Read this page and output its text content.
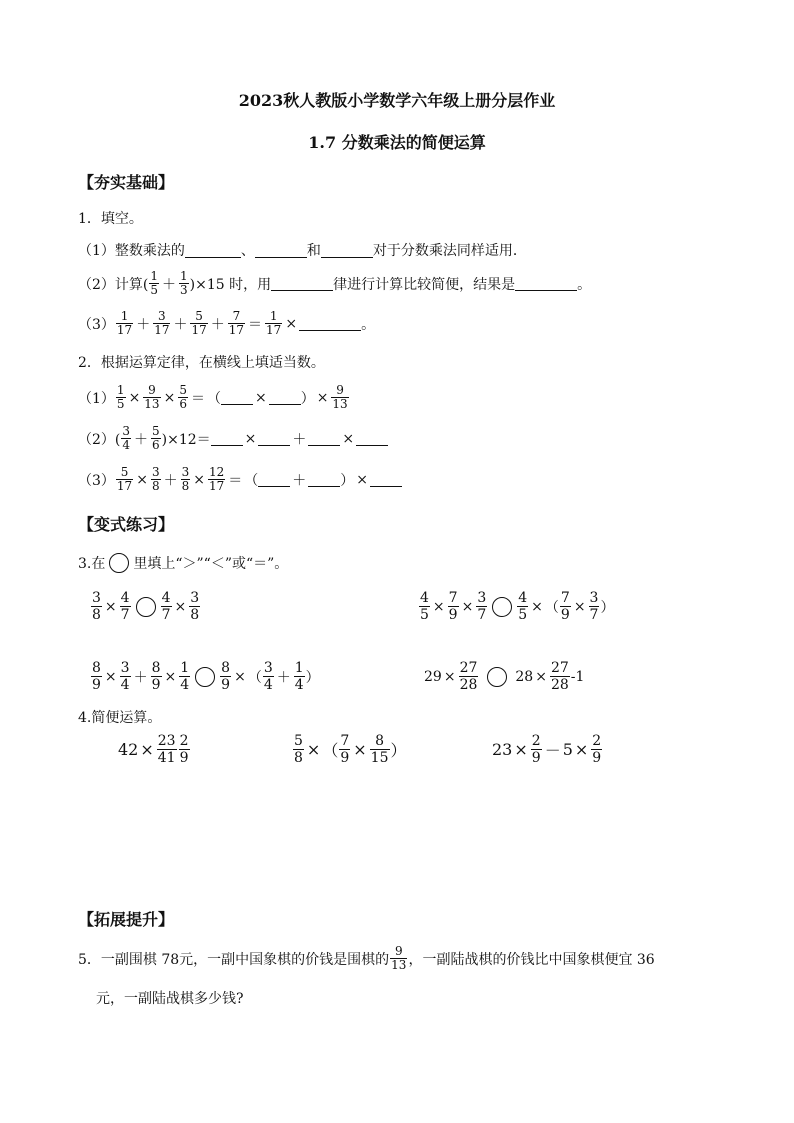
2023秋人教版小学数学六年级上册分层作业
1.7 分数乘法的简便运算
【夯实基础】
1．填空。
（1）整数乘法的	、	和	对于分数乘法同样适用．
（2）计算( $\frac{1}{5} + \frac{1}{3} )\times 15$ 时，用	律进行计算比较简便，结果是	。
$(3) \frac{1}{17} + \frac{3}{17} + \frac{5}{17} + \frac{7}{17} = \frac{1}{17}$ ×	。
2．根据运算定律，在横线上填适当数。
$(1) \frac{1}{5} \times \frac{9}{13} \times \frac{5}{6}$ ＝ （ × ） × $\frac{9}{13}$
$(2)( \frac{3}{4} + \frac{5}{6} )\times 12=$ ×	＋	×
$(3) \frac{5}{17} \times \frac{3}{8} + \frac{3}{8} \times \frac{12}{17}$ ＝ （ ＋ ） ×
【变式练习】
3.在 里填上“＞”“＜”或“＝”。
$\frac{3}{8} \times \frac{4}{7} \frac{4}{7} \times \frac{3}{8}$	$\frac{4}{5} \times \frac{7}{9} \times \frac{3}{7} \frac{4}{5}$ × （ $\frac{7}{9} \times \frac{3}{7}$ ）
$\frac{8}{9} \times \frac{3}{4} + \frac{8}{9} \times \frac{1}{4} \frac{8}{9}$ × （ $\frac{3}{4} + \frac{1}{4}$ ）	$29 \times \frac{27}{28}$	$28 \times \frac{27}{28} -1$
4.简便运算。
$42 \times \frac{23}{41} \frac{2}{9}$	$\frac{5}{8}$ × （ $\frac{7}{9} \times \frac{8}{15}$ ）	$23 \times \frac{2}{9} - 5 \times \frac{2}{9}$
【拓展提升】
5．一副围棋 78元，一副中国象棋的价钱是围棋的 $\frac{9}{13}$ ，一副陆战棋的价钱比中国象棋便宜 36
元，一副陆战棋多少钱?
